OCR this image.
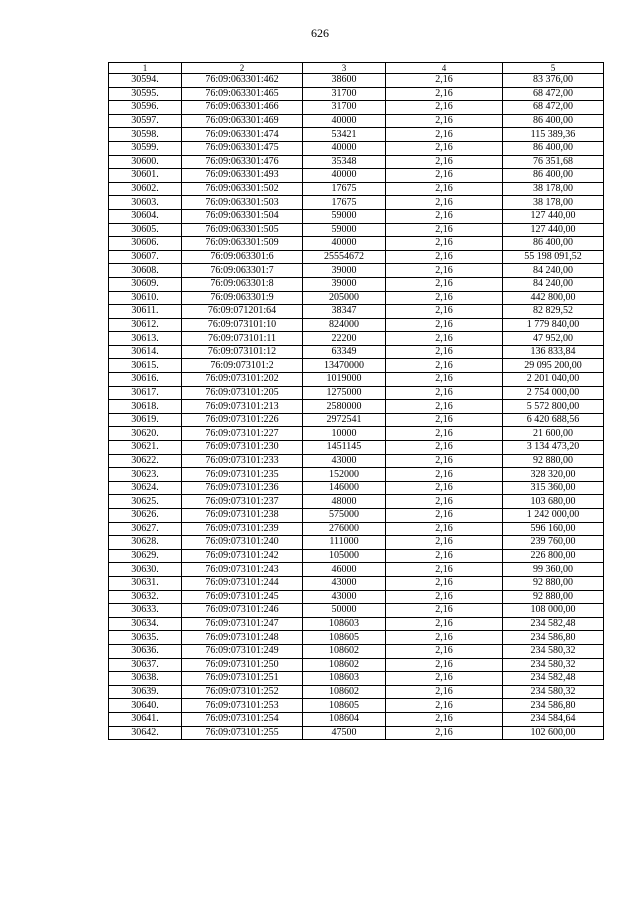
626
1	2	3	4	5
30594.	76:09:063301:462	38600	2,16	83 376,00
30595.	76:09:063301:465	31700	2,16	68 472,00
30596.	76:09:063301:466	31700	2,16	68 472,00
30597.	76:09:063301:469	40000	2,16	86 400,00
30598.	76:09:063301:474	53421	2,16	115 389,36
30599.	76:09:063301:475	40000	2,16	86 400,00
30600.	76:09:063301:476	35348	2,16	76 351,68
30601.	76:09:063301:493	40000	2,16	86 400,00
30602.	76:09:063301:502	17675	2,16	38 178,00
30603.	76:09:063301:503	17675	2,16	38 178,00
30604.	76:09:063301:504	59000	2,16	127 440,00
30605.	76:09:063301:505	59000	2,16	127 440,00
30606.	76:09:063301:509	40000	2,16	86 400,00
30607.	76:09:063301:6	25554672	2,16	55 198 091,52
30608.	76:09:063301:7	39000	2,16	84 240,00
30609.	76:09:063301:8	39000	2,16	84 240,00
30610.	76:09:063301:9	205000	2,16	442 800,00
30611.	76:09:071201:64	38347	2,16	82 829,52
30612.	76:09:073101:10	824000	2,16	1 779 840,00
30613.	76:09:073101:11	22200	2,16	47 952,00
30614.	76:09:073101:12	63349	2,16	136 833,84
30615.	76:09:073101:2	13470000	2,16	29 095 200,00
30616.	76:09:073101:202	1019000	2,16	2 201 040,00
30617.	76:09:073101:205	1275000	2,16	2 754 000,00
30618.	76:09:073101:213	2580000	2,16	5 572 800,00
30619.	76:09:073101:226	2972541	2,16	6 420 688,56
30620.	76:09:073101:227	10000	2,16	21 600,00
30621.	76:09:073101:230	1451145	2,16	3 134 473,20
30622.	76:09:073101:233	43000	2,16	92 880,00
30623.	76:09:073101:235	152000	2,16	328 320,00
30624.	76:09:073101:236	146000	2,16	315 360,00
30625.	76:09:073101:237	48000	2,16	103 680,00
30626.	76:09:073101:238	575000	2,16	1 242 000,00
30627.	76:09:073101:239	276000	2,16	596 160,00
30628.	76:09:073101:240	111000	2,16	239 760,00
30629.	76:09:073101:242	105000	2,16	226 800,00
30630.	76:09:073101:243	46000	2,16	99 360,00
30631.	76:09:073101:244	43000	2,16	92 880,00
30632.	76:09:073101:245	43000	2,16	92 880,00
30633.	76:09:073101:246	50000	2,16	108 000,00
30634.	76:09:073101:247	108603	2,16	234 582,48
30635.	76:09:073101:248	108605	2,16	234 586,80
30636.	76:09:073101:249	108602	2,16	234 580,32
30637.	76:09:073101:250	108602	2,16	234 580,32
30638.	76:09:073101:251	108603	2,16	234 582,48
30639.	76:09:073101:252	108602	2,16	234 580,32
30640.	76:09:073101:253	108605	2,16	234 586,80
30641.	76:09:073101:254	108604	2,16	234 584,64
30642.	76:09:073101:255	47500	2,16	102 600,00
